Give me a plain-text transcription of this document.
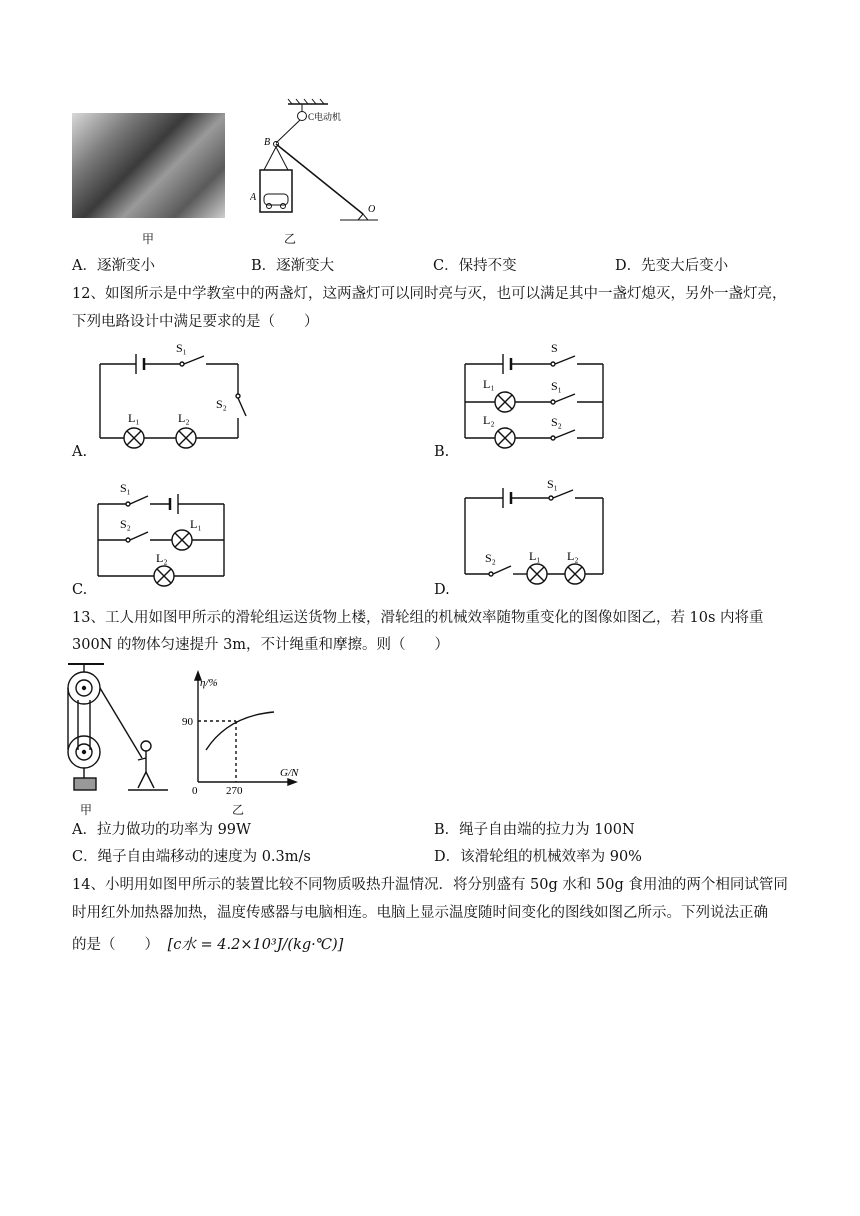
甲
C电动机
B
O
A
乙
A．逐渐变小	B．逐渐变大	C．保持不变	D．先变大后变小
12、如图所示是中学教室中的两盏灯，这两盏灯可以同时亮与灭，也可以满足其中一盏灯熄灭，另外一盏灯亮，
下列电路设计中满足要求的是（　　）
S₁
S₂
L₁	L₂
A.
S
S₁
S₂
L₁
L₂
B.
S₁
S₂	L₁
L₂
C.
S₁
S₂	L₁ L₂
D.
13、工人用如图甲所示的滑轮组运送货物上楼，滑轮组的机械效率随物重变化的图像如图乙，若 10s 内将重
300N 的物体匀速提升 3m，不计绳重和摩擦。则（　　）
甲
η/%
G/N
90
270
0
乙
A．拉力做功的功率为 99W	B．绳子自由端的拉力为 100N
C．绳子自由端移动的速度为 0.3m/s	D．该滑轮组的机械效率为 90%
14、小明用如图甲所示的装置比较不同物质吸热升温情况．将分别盛有 50g 水和 50g 食用油的两个相同试管同
时用红外加热器加热，温度传感器与电脑相连。电脑上显示温度随时间变化的图线如图乙所示。下列说法正确
的是（　　） [c水 = 4.2×10³J/(kg·℃)]
